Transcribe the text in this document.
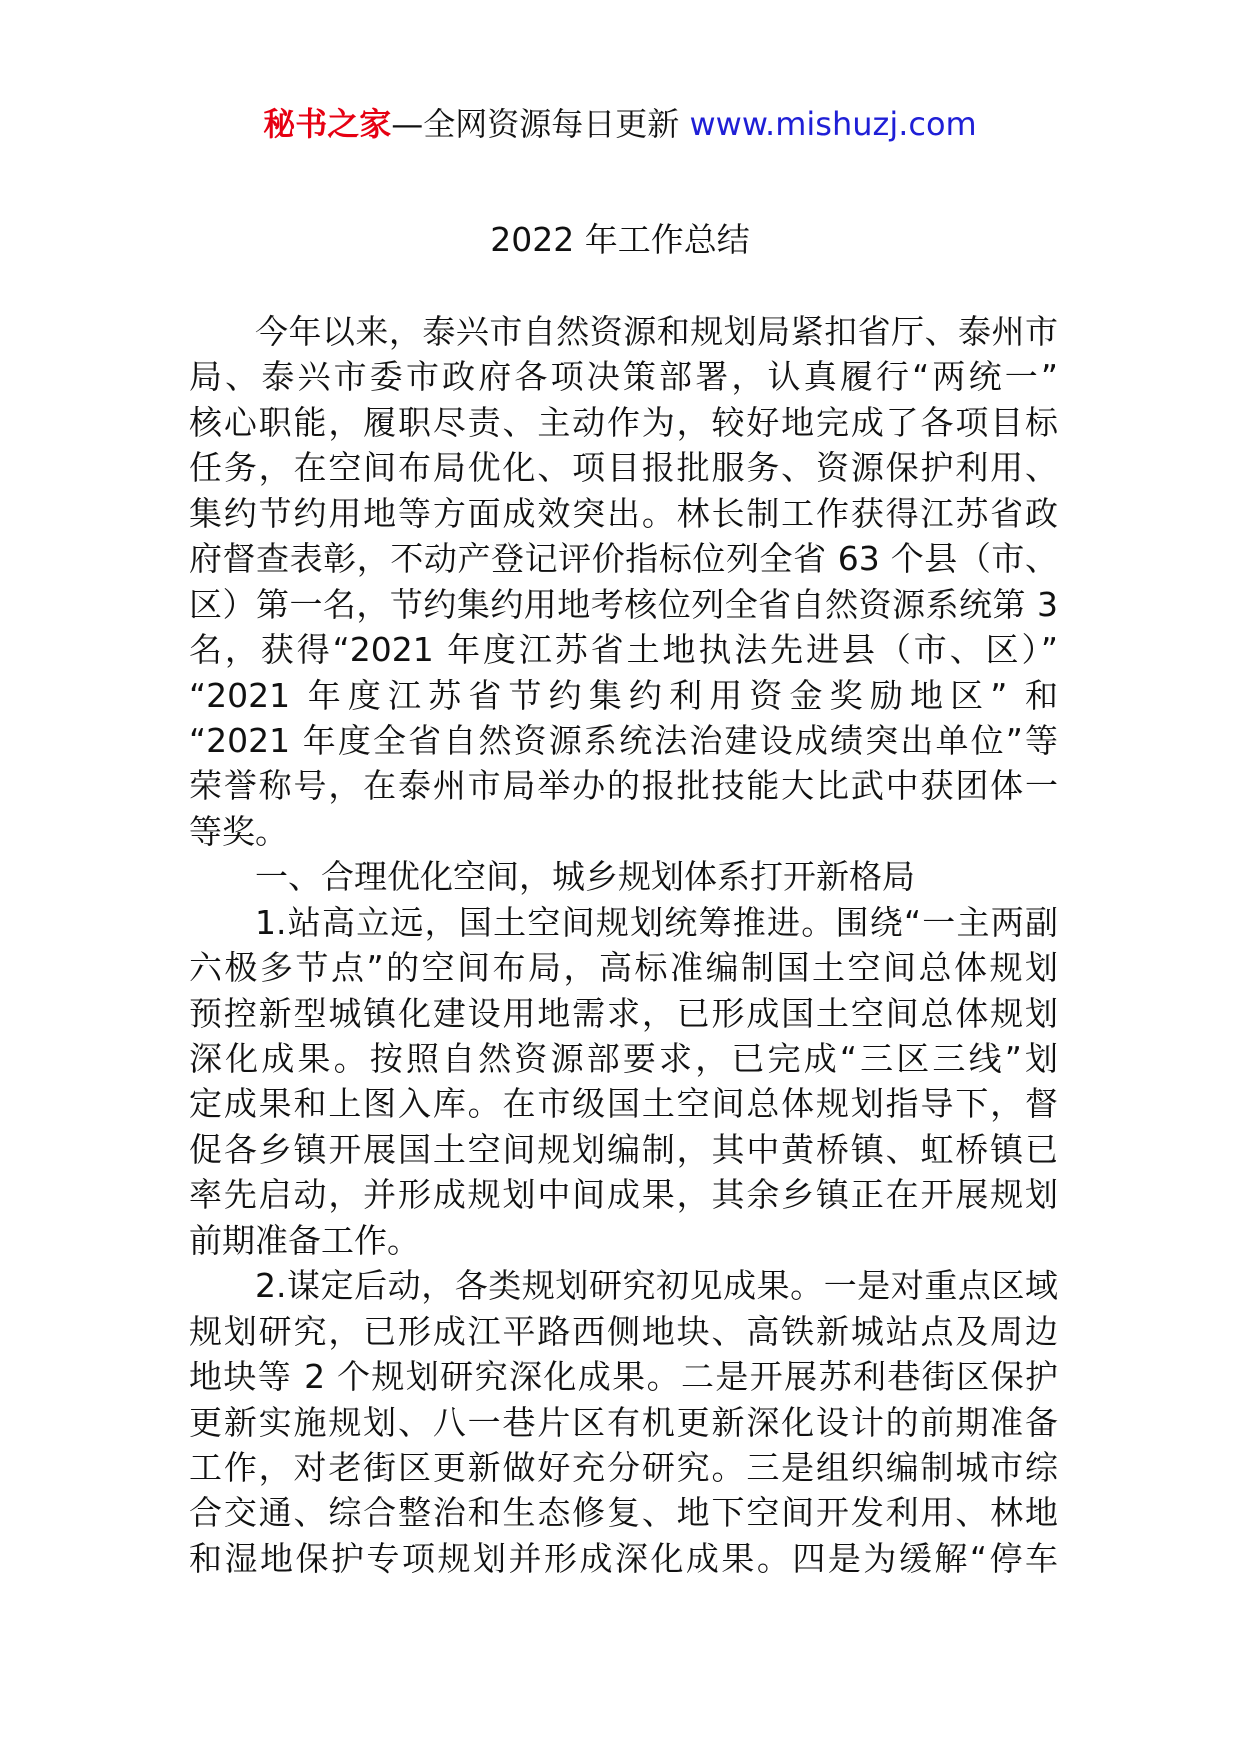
秘书之家—全网资源每日更新 www.mishuzj.com
2022 年工作总结
今年以来，泰兴市自然资源和规划局紧扣省厅、泰州市
局、泰兴市委市政府各项决策部署，认真履行“两统一”
核心职能，履职尽责、主动作为，较好地完成了各项目标
任务，在空间布局优化、项目报批服务、资源保护利用、
集约节约用地等方面成效突出。林长制工作获得江苏省政
府督查表彰，不动产登记评价指标位列全省 63 个县（市、
区）第一名，节约集约用地考核位列全省自然资源系统第 3
名，获得“2021 年度江苏省土地执法先进县（市、区）”
“2021 年度江苏省节约集约利用资金奖励地区” 和
“2021 年度全省自然资源系统法治建设成绩突出单位”等
荣誉称号，在泰州市局举办的报批技能大比武中获团体一
等奖。
一、合理优化空间，城乡规划体系打开新格局
1.站高立远，国土空间规划统筹推进。围绕“一主两副
六极多节点”的空间布局，高标准编制国土空间总体规划
预控新型城镇化建设用地需求，已形成国土空间总体规划
深化成果。按照自然资源部要求，已完成“三区三线”划
定成果和上图入库。在市级国土空间总体规划指导下，督
促各乡镇开展国土空间规划编制，其中黄桥镇、虹桥镇已
率先启动，并形成规划中间成果，其余乡镇正在开展规划
前期准备工作。
2.谋定后动，各类规划研究初见成果。一是对重点区域
规划研究，已形成江平路西侧地块、高铁新城站点及周边
地块等 2 个规划研究深化成果。二是开展苏利巷街区保护
更新实施规划、八一巷片区有机更新深化设计的前期准备
工作，对老街区更新做好充分研究。三是组织编制城市综
合交通、综合整治和生态修复、地下空间开发利用、林地
和湿地保护专项规划并形成深化成果。四是为缓解“停车
